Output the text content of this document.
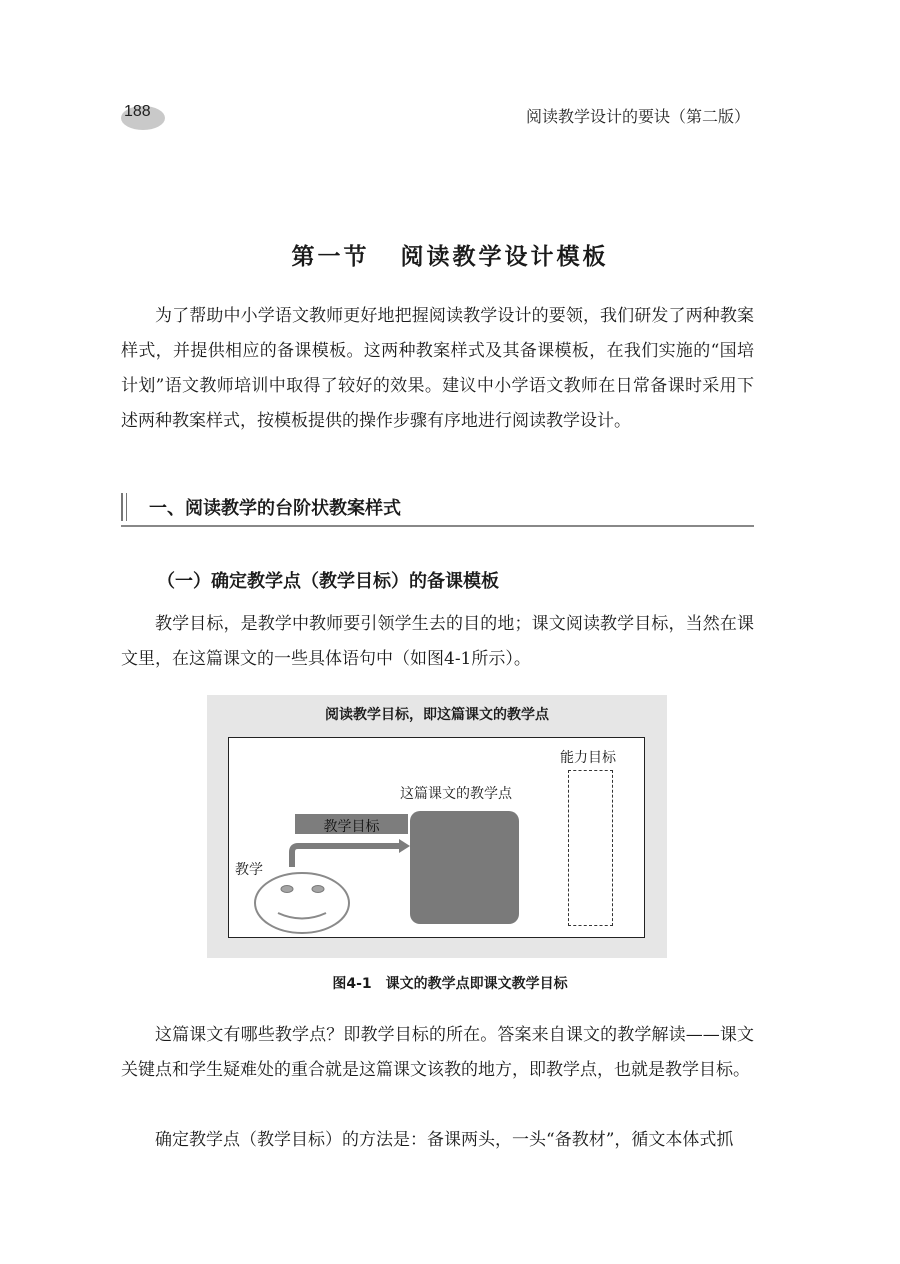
188	阅读教学设计的要诀（第二版）
第一节 阅读教学设计模板

为了帮助中小学语文教师更好地把握阅读教学设计的要领，我们研发了两种教案样式，并提供相应的备课模板。这两种教案样式及其备课模板，在我们实施的“国培计划”语文教师培训中取得了较好的效果。建议中小学语文教师在日常备课时采用下述两种教案样式，按模板提供的操作步骤有序地进行阅读教学设计。

一、阅读教学的台阶状教案样式
（一）确定教学点（教学目标）的备课模板

教学目标，是教学中教师要引领学生去的目的地；课文阅读教学目标，当然在课文里，在这篇课文的一些具体语句中（如图4-1所示）。

阅读教学目标，即这篇课文的教学点
能力目标
这篇课文的教学点
教学目标
教学
图4-1　课文的教学点即课文教学目标

这篇课文有哪些教学点？即教学目标的所在。答案来自课文的教学解读——课文关键点和学生疑难处的重合就是这篇课文该教的地方，即教学点，也就是教学目标。

确定教学点（教学目标）的方法是：备课两头，一头“备教材”，循文本体式抓
